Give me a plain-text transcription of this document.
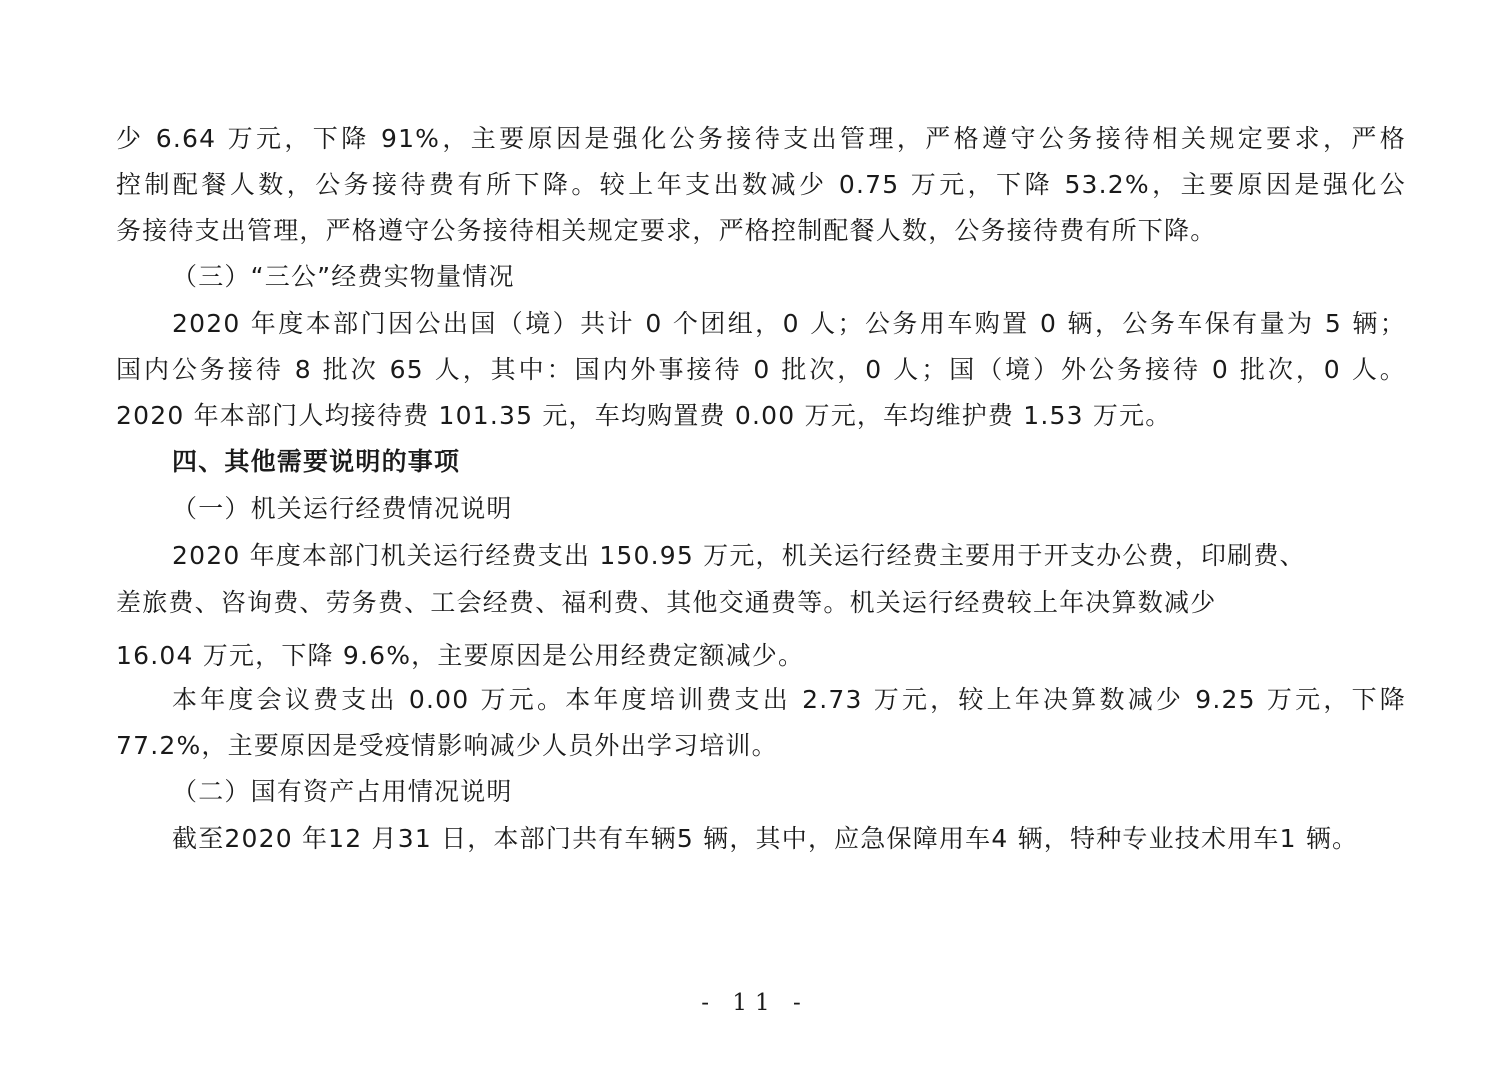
少 6.64 万元，下降 91%，主要原因是强化公务接待支出管理，严格遵守公务接待相关规定要求，严格
控制配餐人数，公务接待费有所下降。较上年支出数减少 0.75 万元，下降 53.2%，主要原因是强化公
务接待支出管理，严格遵守公务接待相关规定要求，严格控制配餐人数，公务接待费有所下降。
（三）“三公”经费实物量情况
2020 年度本部门因公出国（境）共计 0 个团组，0 人；公务用车购置 0 辆，公务车保有量为 5 辆；
国内公务接待 8 批次 65 人，其中：国内外事接待 0 批次，0 人；国（境）外公务接待 0 批次，0 人。
2020 年本部门人均接待费 101.35 元，车均购置费 0.00 万元，车均维护费 1.53 万元。
四、其他需要说明的事项
（一）机关运行经费情况说明
2020 年度本部门机关运行经费支出 150.95 万元，机关运行经费主要用于开支办公费，印刷费、
差旅费、咨询费、劳务费、工会经费、福利费、其他交通费等。机关运行经费较上年决算数减少
16.04 万元，下降 9.6%，主要原因是公用经费定额减少。
本年度会议费支出 0.00 万元。本年度培训费支出 2.73 万元，较上年决算数减少 9.25 万元，下降
77.2%，主要原因是受疫情影响减少人员外出学习培训。
（二）国有资产占用情况说明
截至2020 年12 月31 日，本部门共有车辆5 辆，其中，应急保障用车4 辆，特种专业技术用车1 辆。
- 11 -
